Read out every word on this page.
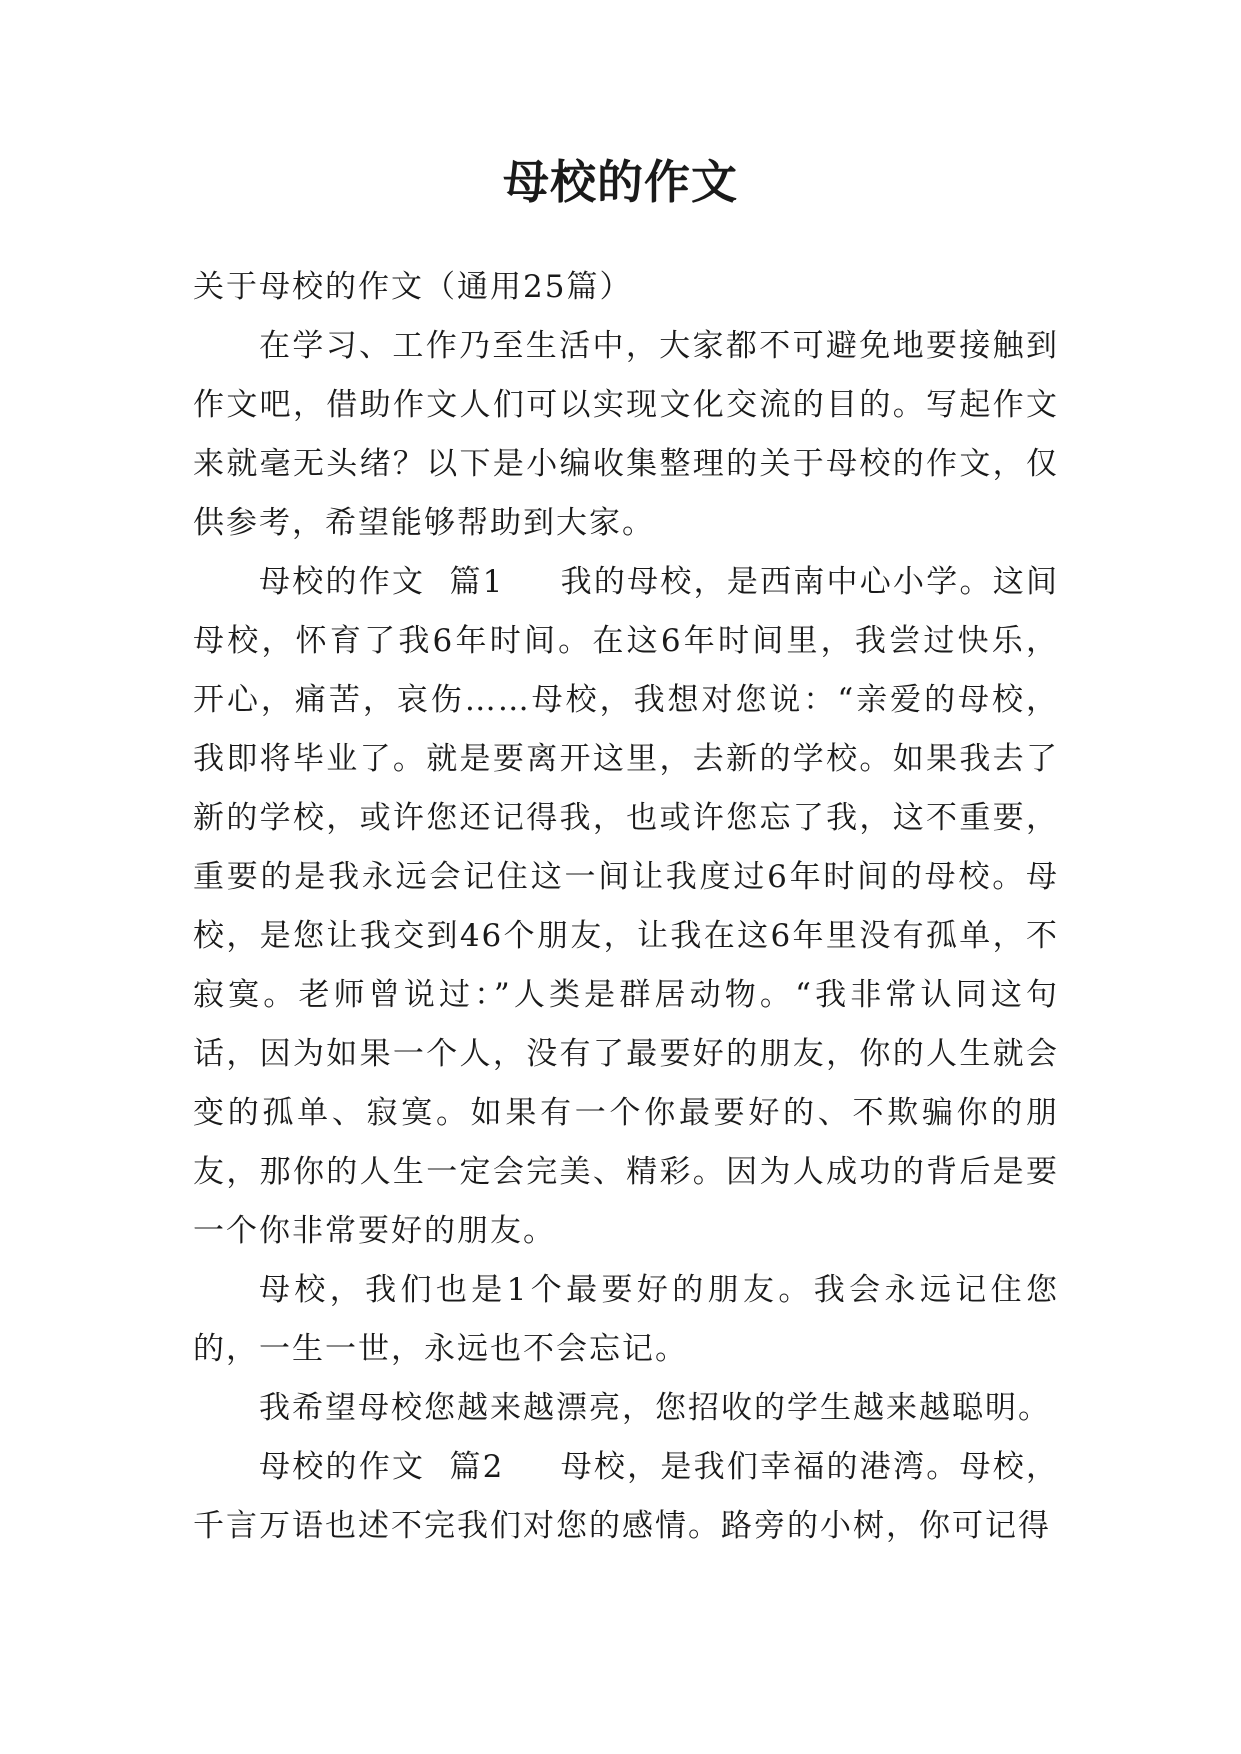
母校的作文

关于母校的作文（通用25篇）

在学习、工作乃至生活中，大家都不可避免地要接触到作文吧，借助作文人们可以实现文化交流的目的。写起作文来就毫无头绪？以下是小编收集整理的关于母校的作文，仅供参考，希望能够帮助到大家。

母校的作文 篇1 我的母校，是西南中心小学。这间母校，怀育了我6年时间。在这6年时间里，我尝过快乐，开心，痛苦，哀伤……母校，我想对您说：“亲爱的母校，我即将毕业了。就是要离开这里，去新的学校。如果我去了新的学校，或许您还记得我，也或许您忘了我，这不重要，重要的是我永远会记住这一间让我度过6年时间的母校。母校，是您让我交到46个朋友，让我在这6年里没有孤单，不寂寞。老师曾说过：”人类是群居动物。“我非常认同这句话，因为如果一个人，没有了最要好的朋友，你的人生就会变的孤单、寂寞。如果有一个你最要好的、不欺骗你的朋友，那你的人生一定会完美、精彩。因为人成功的背后是要一个你非常要好的朋友。

母校，我们也是1个最要好的朋友。我会永远记住您的，一生一世，永远也不会忘记。

我希望母校您越来越漂亮，您招收的学生越来越聪明。

母校的作文 篇2 母校，是我们幸福的港湾。母校，千言万语也述不完我们对您的感情。路旁的小树，你可记得
